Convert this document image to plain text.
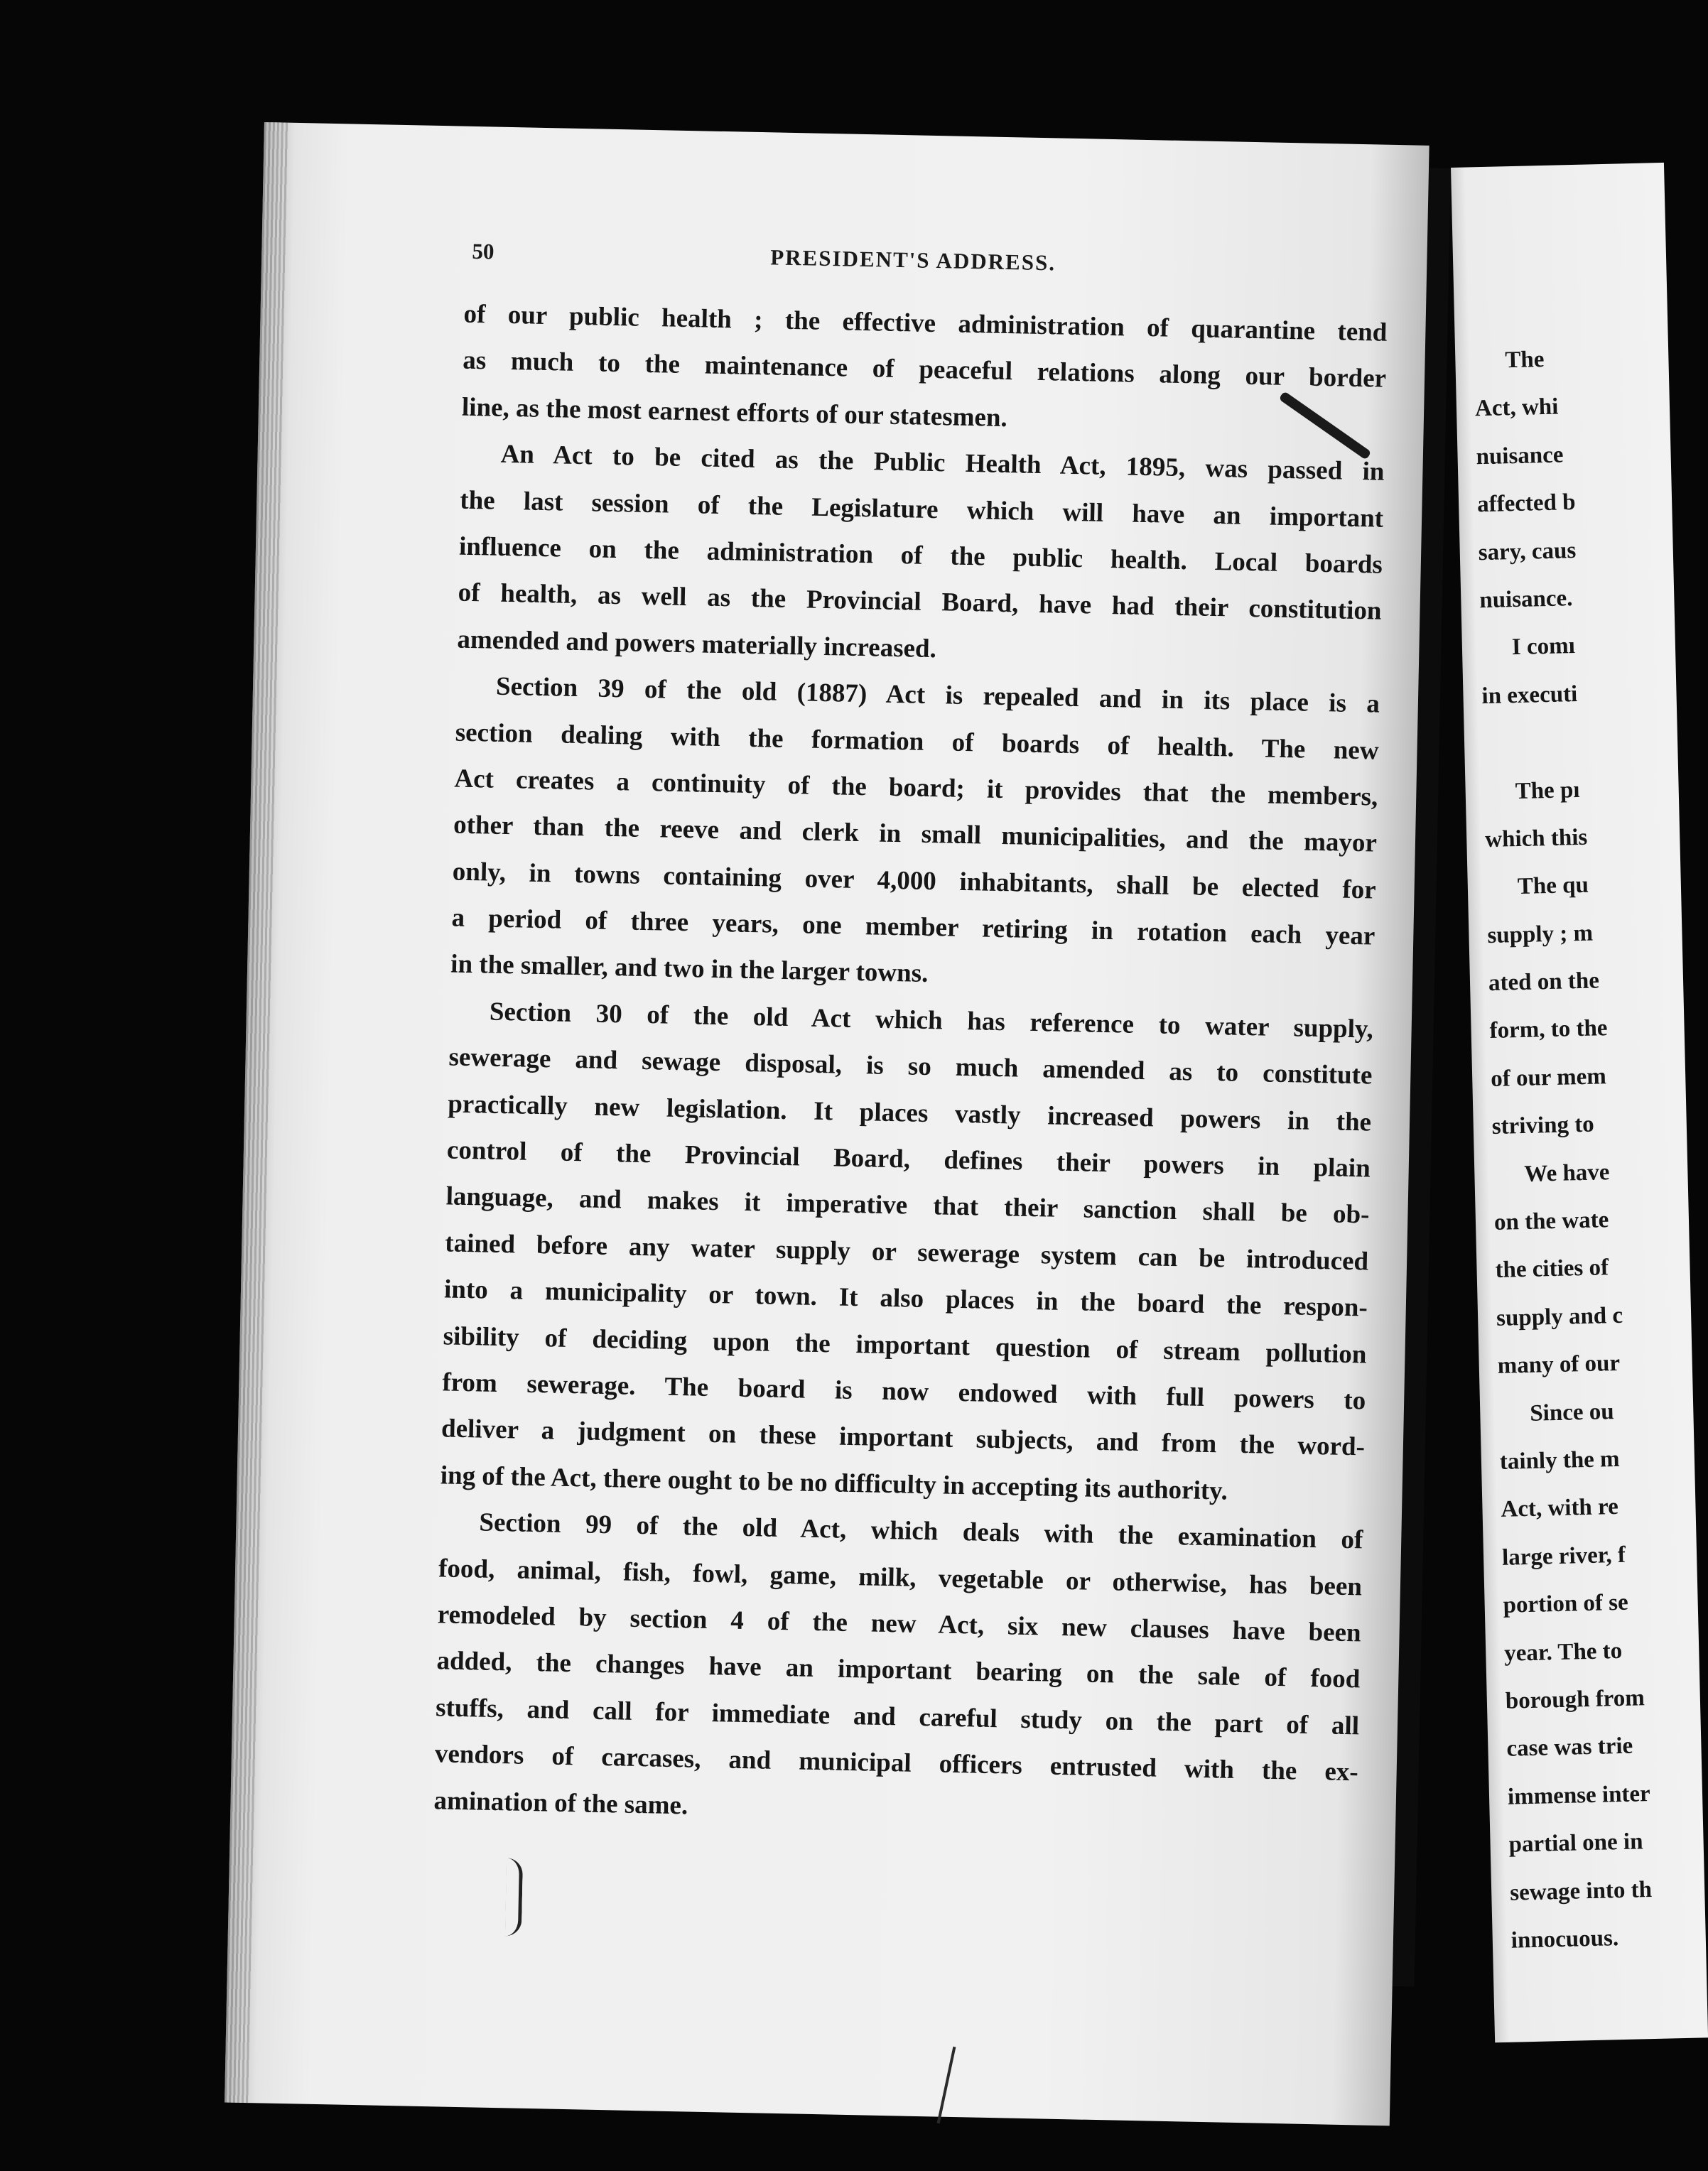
50	PRESIDENT'S ADDRESS.
of our public health ; the effective administration of quarantine tend
as much to the maintenance of peaceful relations along our border
line, as the most earnest efforts of our statesmen.
An Act to be cited as the Public Health Act, 1895, was passed in
the last session of the Legislature which will have an important
influence on the administration of the public health. Local boards
of health, as well as the Provincial Board, have had their constitution
amended and powers materially increased.
Section 39 of the old (1887) Act is repealed and in its place is a
section dealing with the formation of boards of health. The new
Act creates a continuity of the board; it provides that the members,
other than the reeve and clerk in small municipalities, and the mayor
only, in towns containing over 4,000 inhabitants, shall be elected for
a period of three years, one member retiring in rotation each year
in the smaller, and two in the larger towns.
Section 30 of the old Act which has reference to water supply,
sewerage and sewage disposal, is so much amended as to constitute
practically new legislation. It places vastly increased powers in the
control of the Provincial Board, defines their powers in plain
language, and makes it imperative that their sanction shall be ob-
tained before any water supply or sewerage system can be introduced
into a municipality or town. It also places in the board the respon-
sibility of deciding upon the important question of stream pollution
from sewerage. The board is now endowed with full powers to
deliver a judgment on these important subjects, and from the word-
ing of the Act, there ought to be no difficulty in accepting its authority.
Section 99 of the old Act, which deals with the examination of
food, animal, fish, fowl, game, milk, vegetable or otherwise, has been
remodeled by section 4 of the new Act, six new clauses have been
added, the changes have an important bearing on the sale of food
stuffs, and call for immediate and careful study on the part of all
vendors of carcases, and municipal officers entrusted with the ex-
amination of the same.
The
Act, whi
nuisance
affected b
sary, caus
nuisance.
I comı
in executi
The pı
which this
The qu
supply ; m
ated on the
form, to the
of our mem
striving to
We have
on the wate
the cities of
supply and c
many of our
Since ou
tainly the m
Act, with re
large river, f
portion of se
year. The to
borough from
case was trie
immense inter
partial one in
sewage into th
innocuous.
